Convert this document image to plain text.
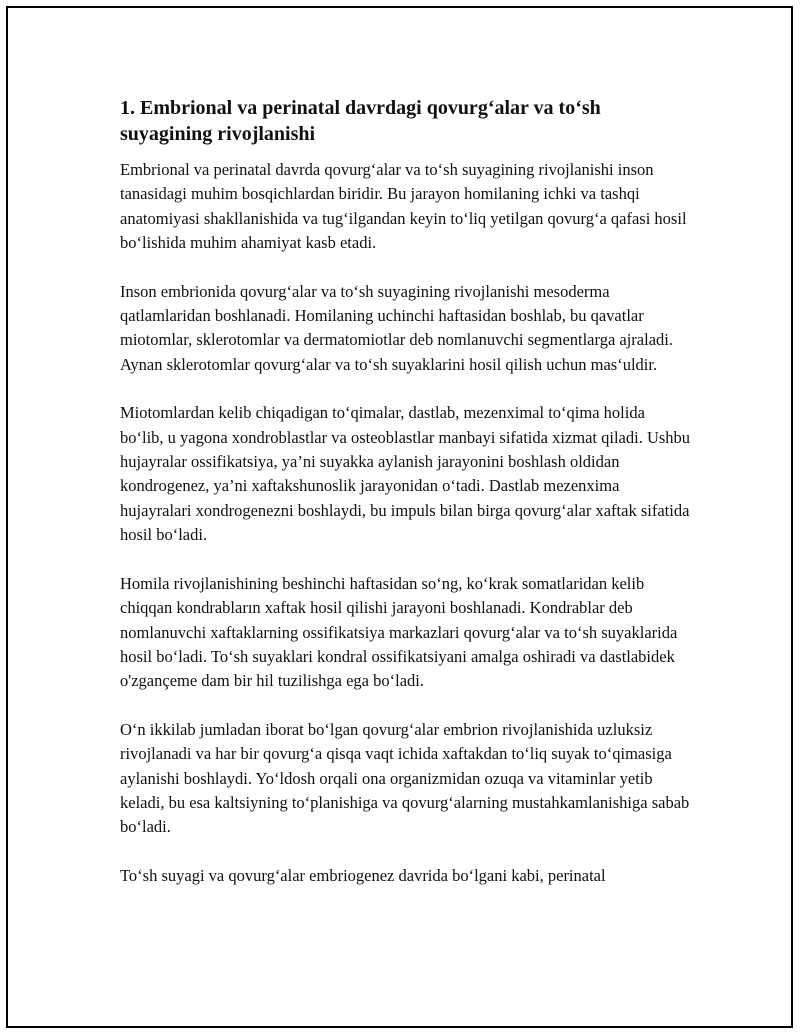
1. Embrional va perinatal davrdagi qovurg‘alar va to‘sh suyagining rivojlanishi
Embrional va perinatal davrda qovurg‘alar va to‘sh suyagining rivojlanishi inson tanasidagi muhim bosqichlardan biridir. Bu jarayon homilaning ichki va tashqi anatomiyasi shakllanishida va tug‘ilgandan keyin to‘liq yetilgan qovurg‘a qafasi hosil bo‘lishida muhim ahamiyat kasb etadi.
Inson embrionida qovurg‘alar va to‘sh suyagining rivojlanishi mesoderma qatlamlaridan boshlanadi. Homilaning uchinchi haftasidan boshlab, bu qavatlar miotomlar, sklerotomlar va dermatomiotlar deb nomlanuvchi segmentlarga ajraladi. Aynan sklerotomlar qovurg‘alar va to‘sh suyaklarini hosil qilish uchun mas‘uldir.
Miotomlardan kelib chiqadigan to‘qimalar, dastlab, mezenximal to‘qima holida bo‘lib, u yagona xondroblastlar va osteoblastlar manbayi sifatida xizmat qiladi. Ushbu hujayralar ossifikatsiya, ya’ni suyakka aylanish jarayonini boshlash oldidan kondrogenez, ya’ni xaftakshunoslik jarayonidan o‘tadi. Dastlab mezenxima hujayralari xondrogenezni boshlaydi, bu impuls bilan birga qovurg‘alar xaftak sifatida hosil bo‘ladi.
Homila rivojlanishining beshinchi haftasidan so‘ng, ko‘krak somatlaridan kelib chiqqan kondrabların xaftak hosil qilishi jarayoni boshlanadi. Kondrablar deb nomlanuvchi xaftaklarning ossifikatsiya markazlari qovurg‘alar va to‘sh suyaklarida hosil bo‘ladi. To‘sh suyaklari kondral ossifikatsiyani amalga oshiradi va dastlabidek o'zgançeme dam bir hil tuzilishga ega bo‘ladi.
O‘n ikkilab jumladan iborat bo‘lgan qovurg‘alar embrion rivojlanishida uzluksiz rivojlanadi va har bir qovurg‘a qisqa vaqt ichida xaftakdan to‘liq suyak to‘qimasiga aylanishi boshlaydi. Yo‘ldosh orqali ona organizmidan ozuqa va vitaminlar yetib keladi, bu esa kaltsiyning to‘planishiga va qovurg‘alarning mustahkamlanishiga sabab bo‘ladi.
To‘sh suyagi va qovurg‘alar embriogenez davrida bo‘lgani kabi, perinatal
